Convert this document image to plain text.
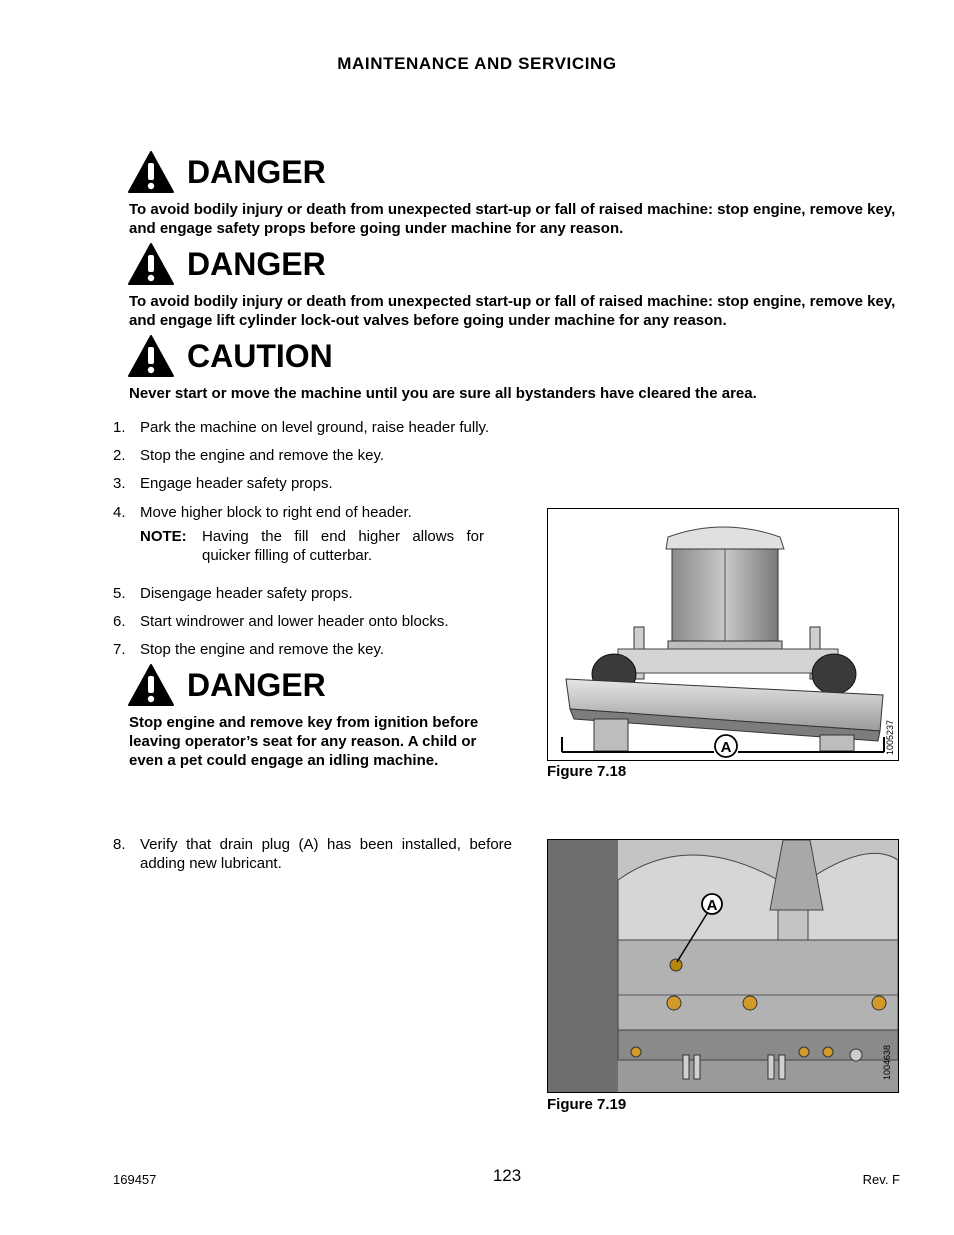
MAINTENANCE AND SERVICING
DANGER
To avoid bodily injury or death from unexpected start-up or fall of raised machine: stop engine, remove key, and engage safety props before going under machine for any reason.
DANGER
To avoid bodily injury or death from unexpected start-up or fall of raised machine: stop engine, remove key, and engage lift cylinder lock-out valves before going under machine for any reason.
CAUTION
Never start or move the machine until you are sure all bystanders have cleared the area.
1. Park the machine on level ground, raise header fully.
2. Stop the engine and remove the key.
3. Engage header safety props.
4. Move higher block to right end of header.
NOTE:	Having the fill end higher allows for quicker filling of cutterbar.
5. Disengage header safety props.
6. Start windrower and lower header onto blocks.
7. Stop the engine and remove the key.
DANGER
Stop engine and remove key from ignition before leaving operator’s seat for any reason. A child or even a pet could engage an idling machine.
8. Verify that drain plug (A) has been installed, before adding new lubricant.
A	1005237
Figure 7.18
A
1004638
Figure 7.19
169457	123	Rev. F
